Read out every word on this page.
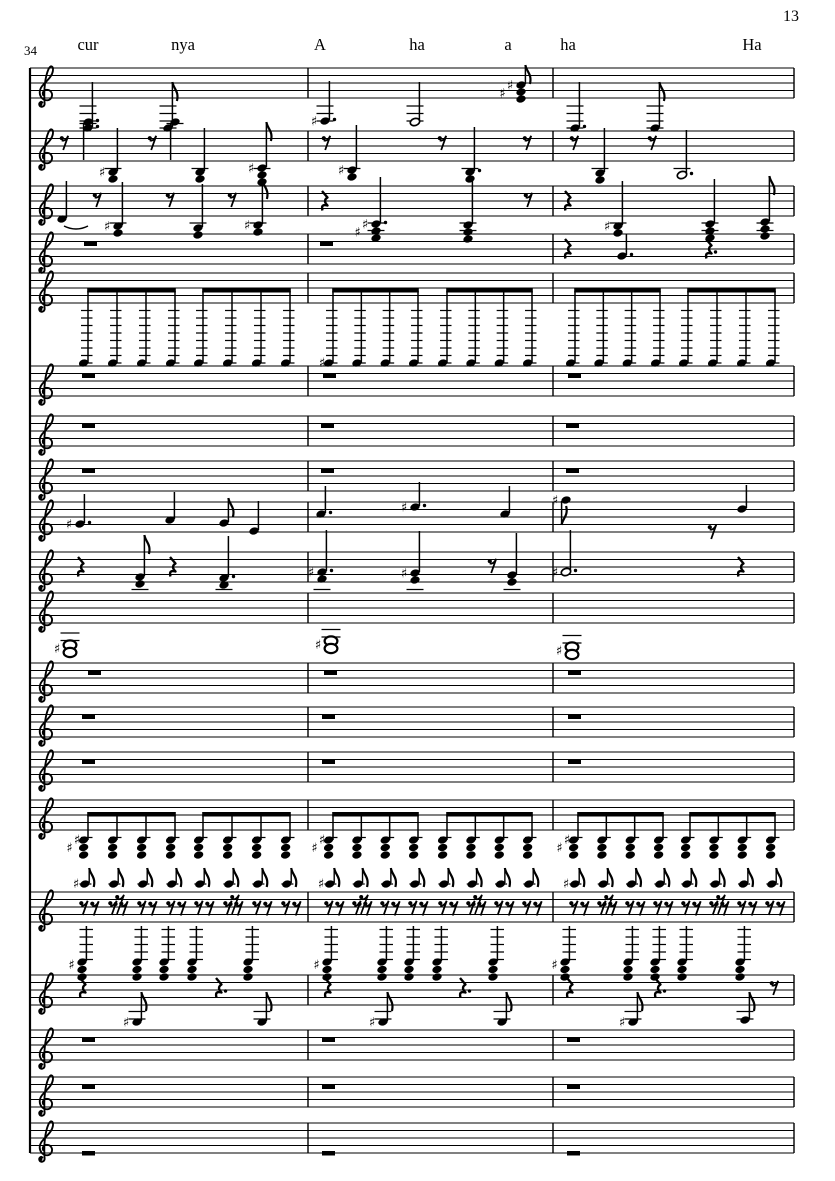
♯
♯
♯
♯	♯	♯
♯	♯	♯
♯	♯
♯
♯
♯	♯
♯	♯	♯
♯	♯	♯
♯
♯
♯
♯
♯
♯
♯
♯
♯
♯	♯	♯
♯	♯	♯
cur	nya	A	ha	a	ha	Ha
13
34
